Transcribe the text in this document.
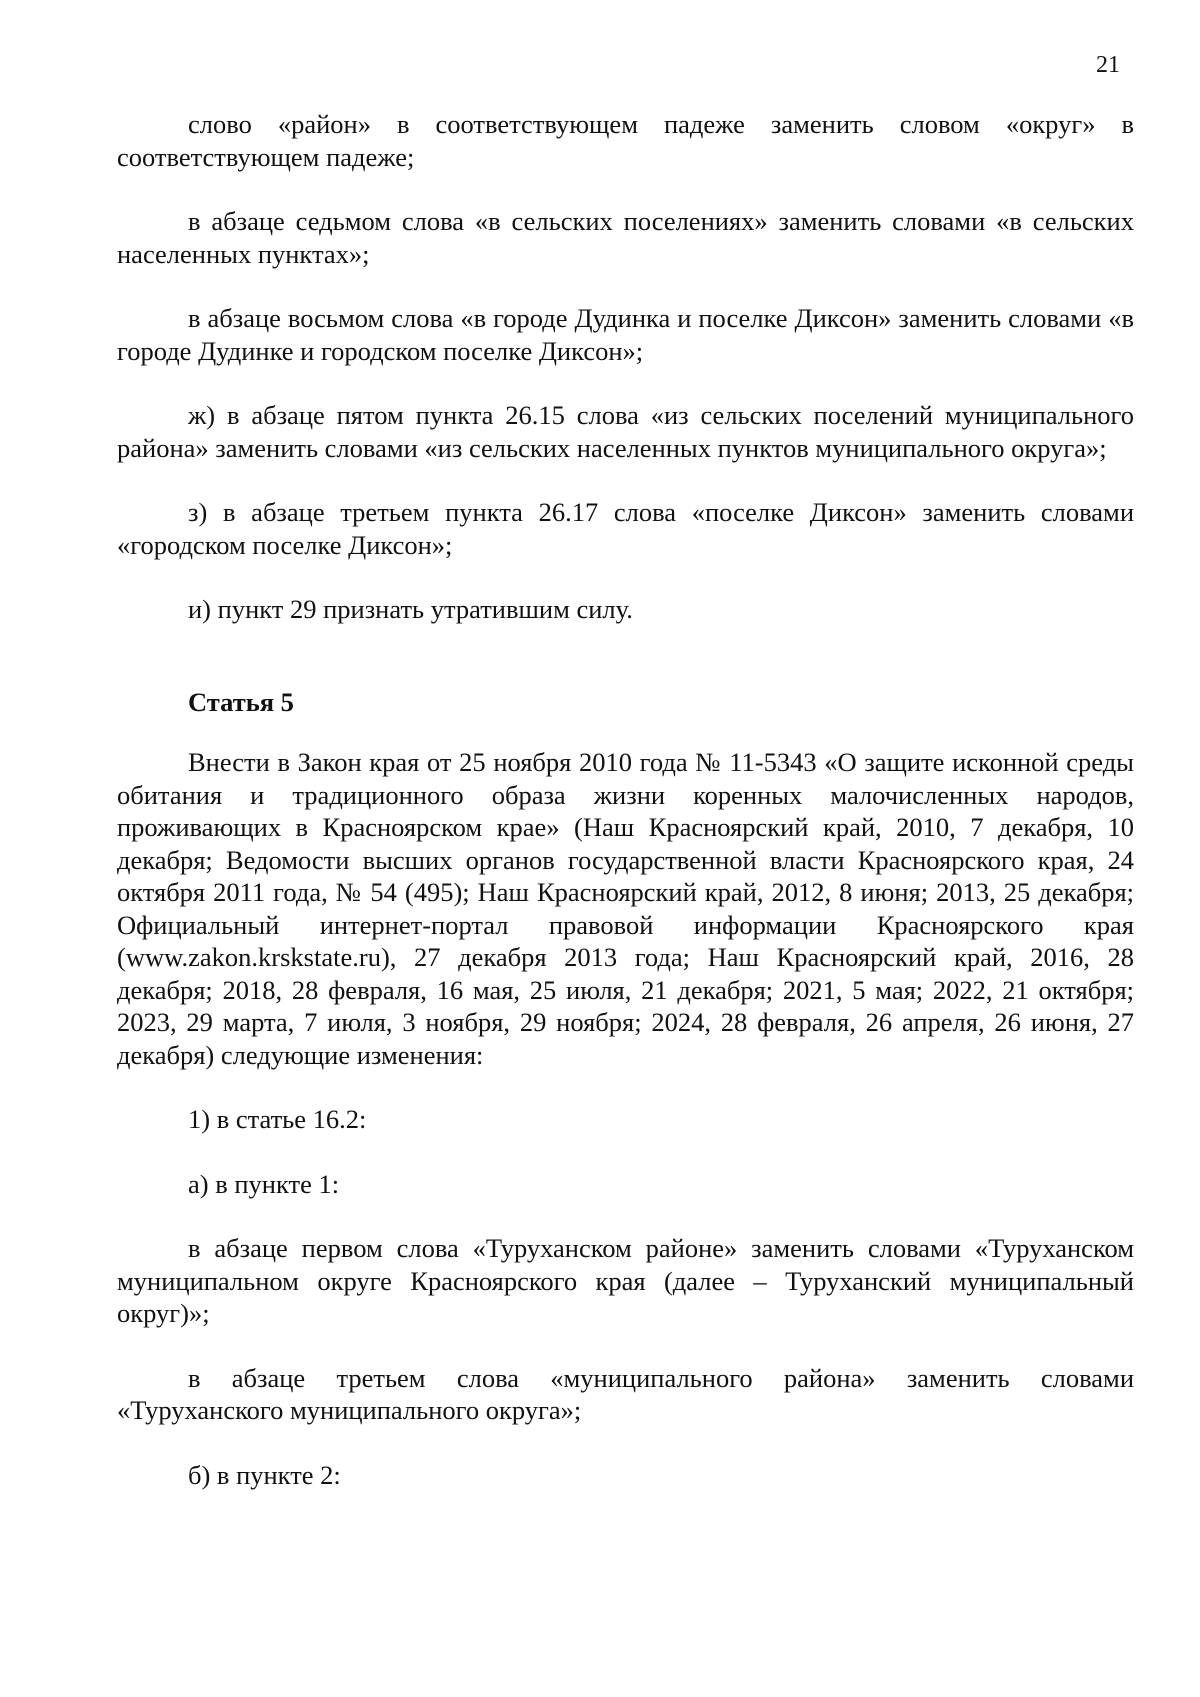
21

слово «район» в соответствующем падеже заменить словом «округ» в соответствующем падеже;

в абзаце седьмом слова «в сельских поселениях» заменить словами «в сельских населенных пунктах»;

в абзаце восьмом слова «в городе Дудинка и поселке Диксон» заменить словами «в городе Дудинке и городском поселке Диксон»;

ж) в абзаце пятом пункта 26.15 слова «из сельских поселений муниципального района» заменить словами «из сельских населенных пунктов муниципального округа»;

з) в абзаце третьем пункта 26.17 слова «поселке Диксон» заменить словами «городском поселке Диксон»;

и) пункт 29 признать утратившим силу.

Статья 5

Внести в Закон края от 25 ноября 2010 года № 11-5343 «О защите исконной среды обитания и традиционного образа жизни коренных малочисленных народов, проживающих в Красноярском крае» (Наш Красноярский край, 2010, 7 декабря, 10 декабря; Ведомости высших органов государственной власти Красноярского края, 24 октября 2011 года, № 54 (495); Наш Красноярский край, 2012, 8 июня; 2013, 25 декабря; Официальный интернет-портал правовой информации Красноярского края (www.zakon.krskstate.ru), 27 декабря 2013 года; Наш Красноярский край, 2016, 28 декабря; 2018, 28 февраля, 16 мая, 25 июля, 21 декабря; 2021, 5 мая; 2022, 21 октября; 2023, 29 марта, 7 июля, 3 ноября, 29 ноября; 2024, 28 февраля, 26 апреля, 26 июня, 27 декабря) следующие изменения:

1) в статье 16.2:

а) в пункте 1:

в абзаце первом слова «Туруханском районе» заменить словами «Туруханском муниципальном округе Красноярского края (далее – Туруханский муниципальный округ)»;

в абзаце третьем слова «муниципального района» заменить словами «Туруханского муниципального округа»;

б) в пункте 2:
